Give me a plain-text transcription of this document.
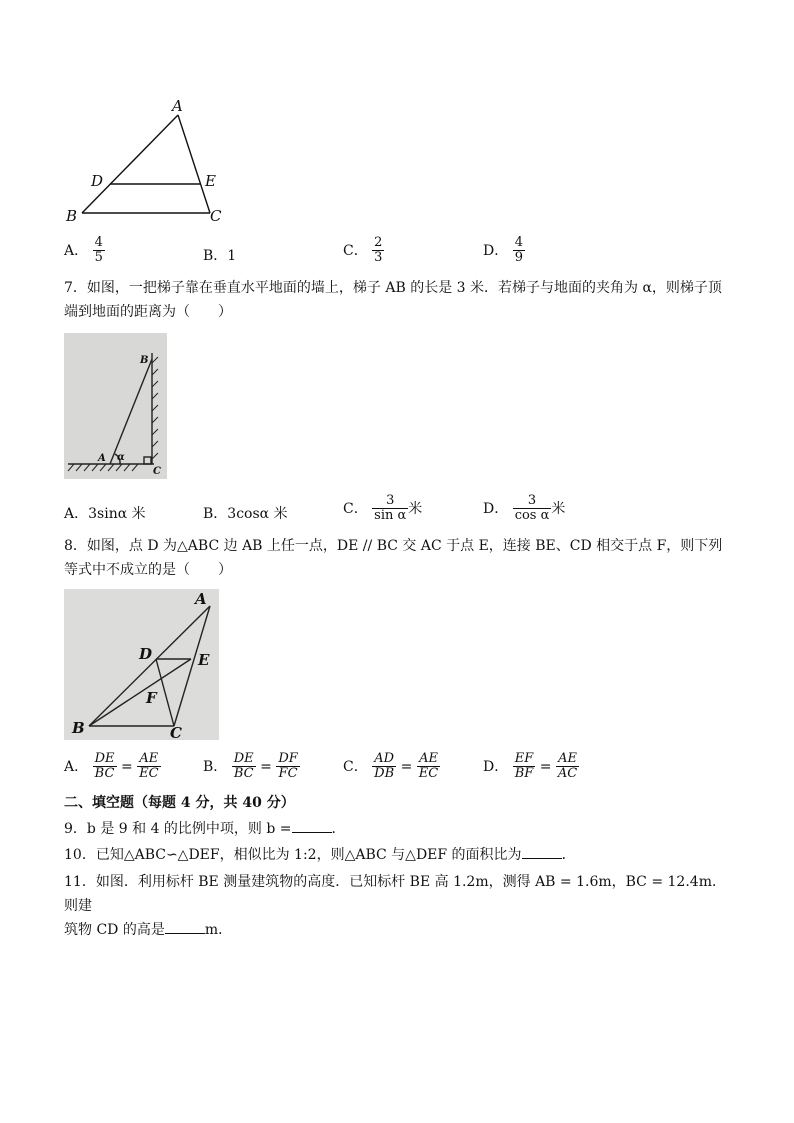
A
D	E
B	C
A． $\frac{4}{5}$	B．1	C． $\frac{2}{3}$	D． $\frac{4}{9}$
7．如图，一把梯子靠在垂直水平地面的墙上，梯子 AB 的长是 3 米．若梯子与地面的夹角为 α，则梯子顶
端到地面的距离为（　　）
B
A α
C
A．3sinα 米	B．3cosα 米	C． $\frac{3}{\text{sin α}}$ 米	D． $\frac{3}{\text{cos α}}$ 米
8．如图，点 D 为△ABC 边 AB 上任一点，DE // BC 交 AC 于点 E，连接 BE、CD 相交于点 F，则下列
等式中不成立的是（　　）
A
D	E
F
B	C
A． $\frac{DE}{BC} = \frac{AE}{EC}$	B． $\frac{DE}{BC} = \frac{DF}{FC}$	C． $\frac{AD}{DB} = \frac{AE}{EC}$	D． $\frac{EF}{BF} = \frac{AE}{AC}$
二、填空题（每题 4 分，共 40 分）
9．b 是 9 和 4 的比例中项，则 b =	．
10．已知△ABC∽△DEF，相似比为 1:2，则△ABC 与△DEF 的面积比为	．
11．如图．利用标杆 BE 测量建筑物的高度．已知标杆 BE 高 1.2m，测得 AB = 1.6m，BC = 12.4m．则建
筑物 CD 的高是	m．
